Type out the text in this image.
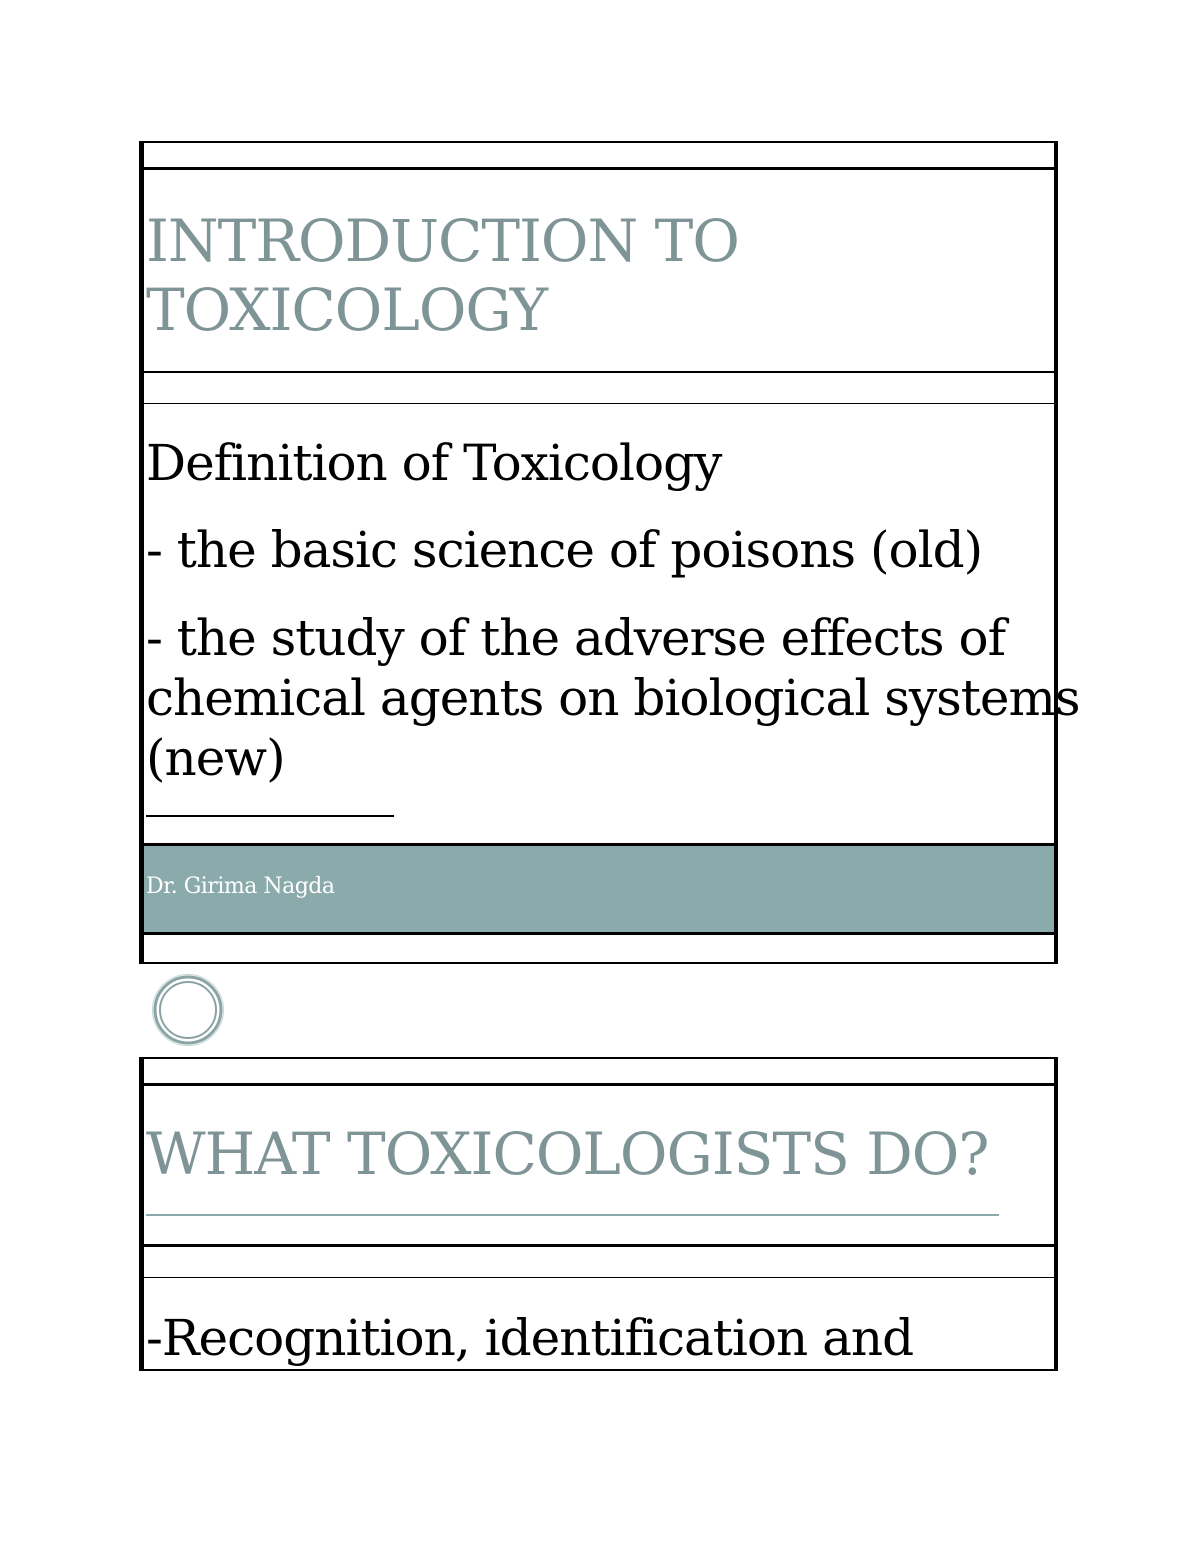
INTRODUCTION TO
TOXICOLOGY
Definition of Toxicology
- the basic science of poisons (old)
- the study of the adverse effects of
chemical agents on biological systems
(new)
Dr. Girima Nagda
WHAT TOXICOLOGISTS DO?
-Recognition, identification and
